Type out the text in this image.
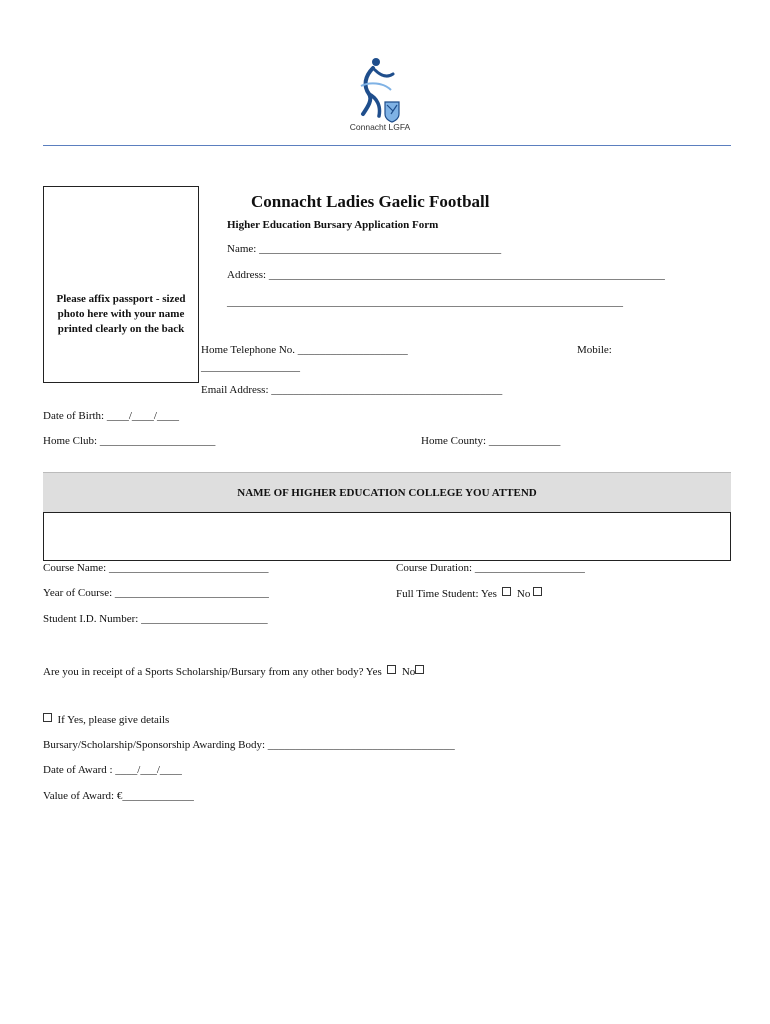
Connacht LGFA
Please affix passport - sized photo here with your name printed clearly on the back
Connacht Ladies Gaelic Football
Higher Education Bursary Application Form
Name: ____________________________________________
Address: ________________________________________________________________________
________________________________________________________________________
Home Telephone No. ____________________	Mobile:
__________________
Email Address: __________________________________________
Date of Birth: ____/____/____
Home Club: _____________________	Home County: _____________
NAME OF HIGHER EDUCATION COLLEGE YOU ATTEND
Course Name: _____________________________	Course Duration: ____________________
Year of Course: ____________________________	Full Time Student: Yes No
Student I.D. Number: _______________________
Are you in receipt of a Sports Scholarship/Bursary from any other body? Yes No
If Yes, please give details
Bursary/Scholarship/Sponsorship Awarding Body: __________________________________
Date of Award : ____/___/____
Value of Award: €_____________
